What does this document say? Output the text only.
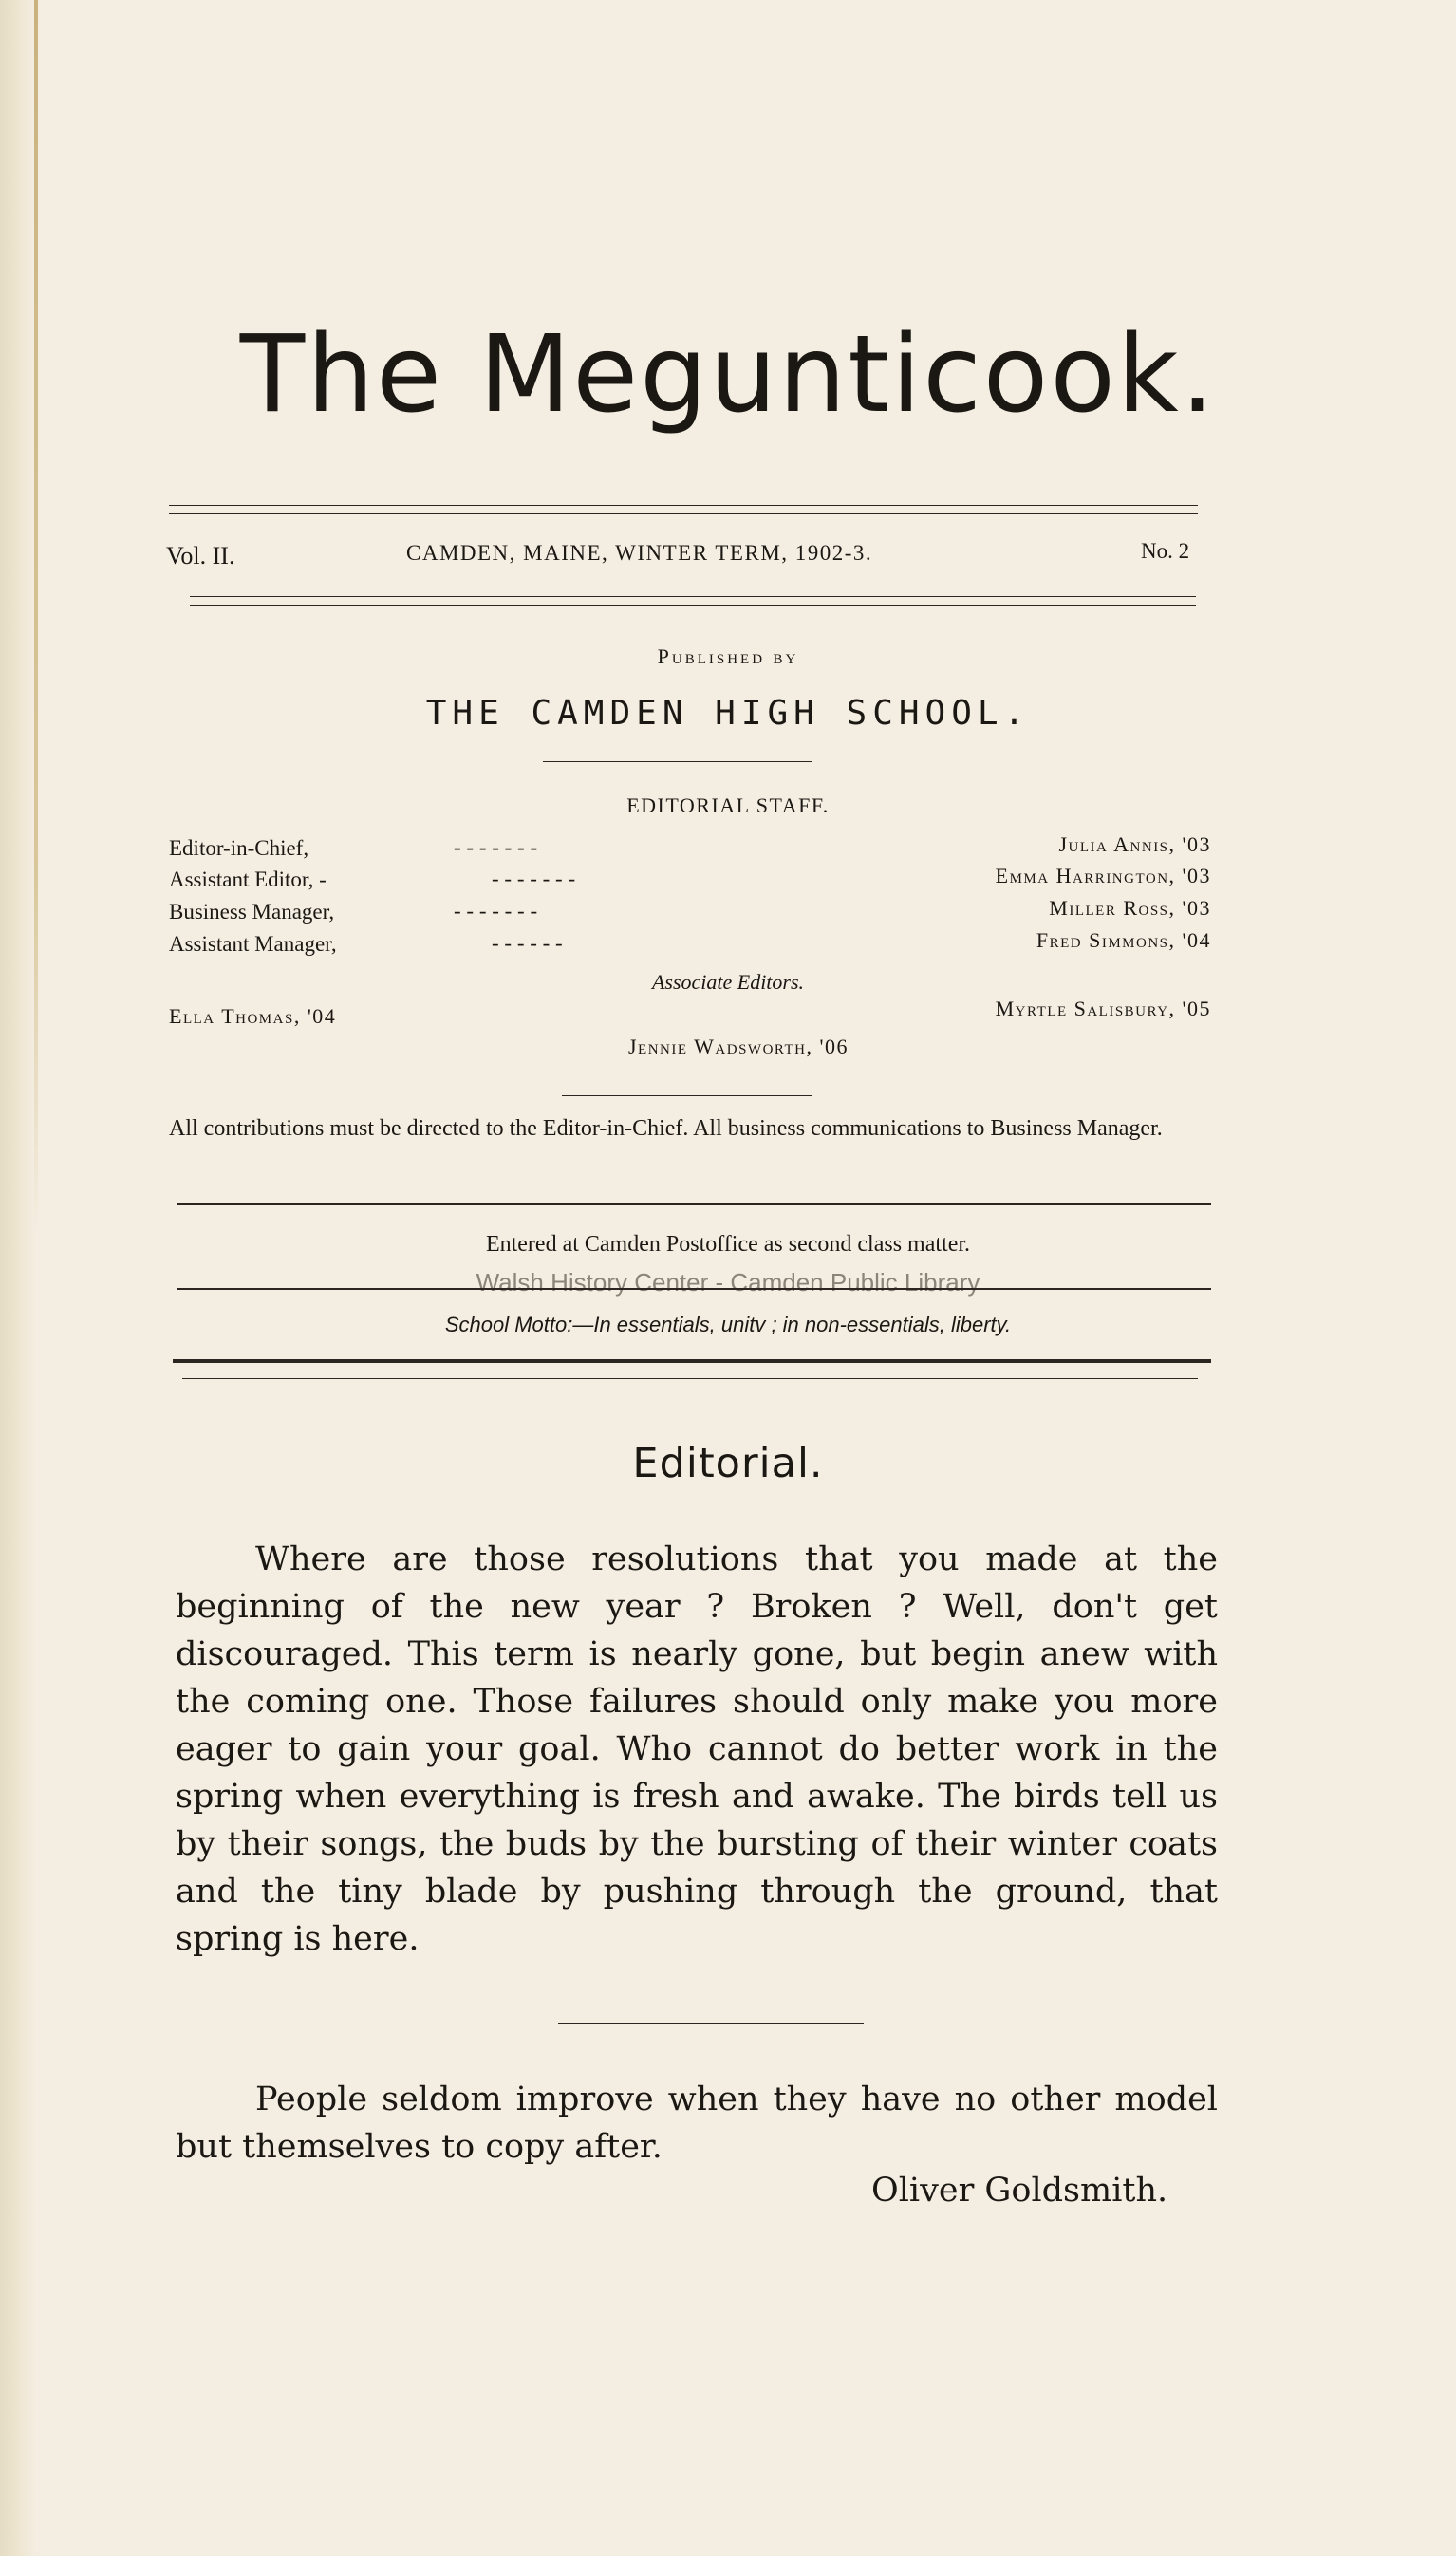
The Megunticook.
Vol. II.	CAMDEN, MAINE, WINTER TERM, 1902-3.	No. 2
Published by
THE CAMDEN HIGH SCHOOL.
EDITORIAL STAFF.
Editor-in-Chief,	- - - - - - -	Julia Annis, '03
Assistant Editor, -	- - - - - - -	Emma Harrington, '03
Business Manager,	- - - - - - -	Miller Ross, '03
Assistant Manager,	- - - - - -	Fred Simmons, '04
Associate Editors.
Ella Thomas, '04	Myrtle Salisbury, '05
Jennie Wadsworth, '06

All contributions must be directed to the Editor-in-Chief. All business communications to Business Manager.

Entered at Camden Postoffice as second class matter.
Walsh History Center - Camden Public Library
School Motto:—In essentials, unitv ; in non-essentials, liberty.
Editorial.

Where are those resolutions that you made at the beginning of the new year ? Broken ? Well, don't get discouraged. This term is nearly gone, but begin anew with the coming one. Those failures should only make you more eager to gain your goal. Who cannot do better work in the spring when everything is fresh and awake. The birds tell us by their songs, the buds by the bursting of their winter coats and the tiny blade by pushing through the ground, that spring is here.

People seldom improve when they have no other model but themselves to copy after.

Oliver Goldsmith.
